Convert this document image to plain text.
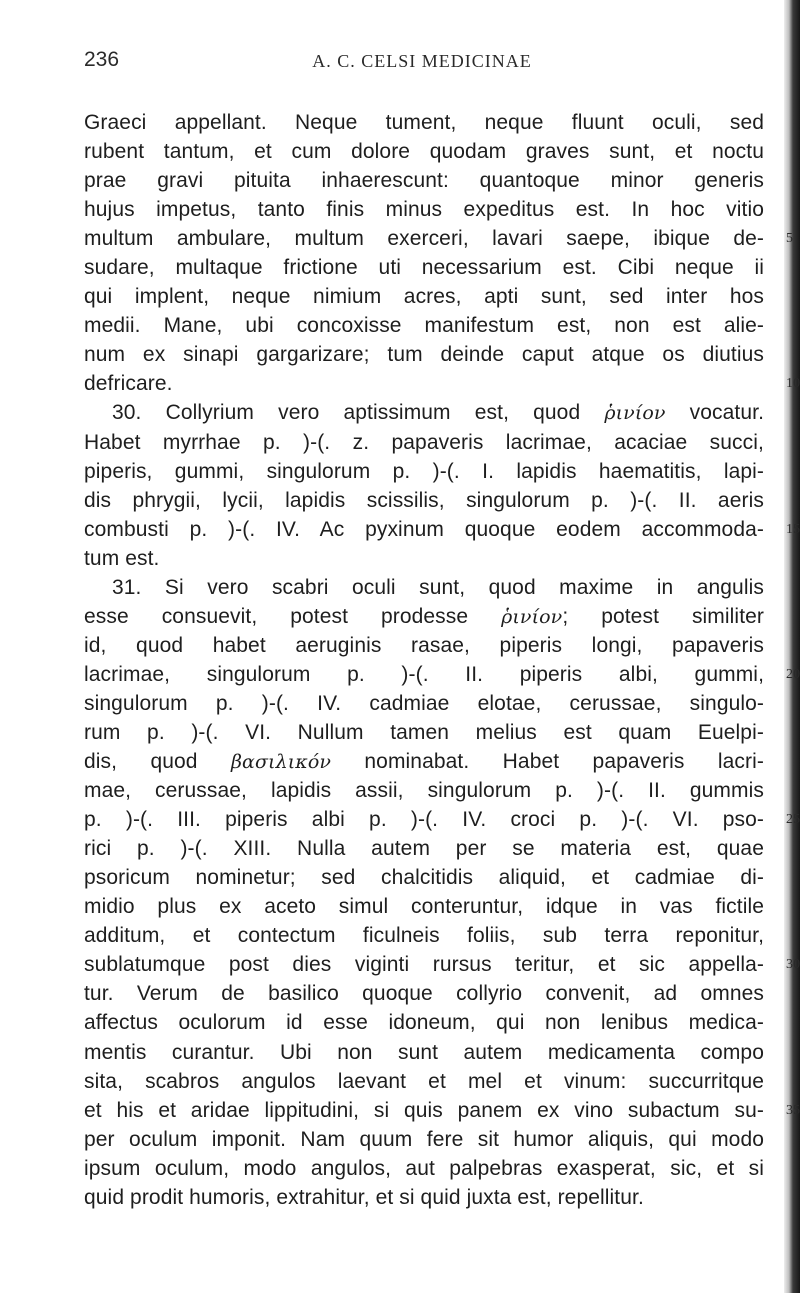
236	A. C. CELSI MEDICINAE
Graeci appellant. Neque tument, neque fluunt oculi, sed
rubent tantum, et cum dolore quodam graves sunt, et noctu
prae gravi pituita inhaerescunt: quantoque minor generis
hujus impetus, tanto finis minus expeditus est. In hoc vitio
multum ambulare, multum exerceri, lavari saepe, ibique de- 5
sudare, multaque frictione uti necessarium est. Cibi neque ii
qui implent, neque nimium acres, apti sunt, sed inter hos
medii. Mane, ubi concoxisse manifestum est, non est alie-
num ex sinapi gargarizare; tum deinde caput atque os diutius
defricare.	10
30. Collyrium vero aptissimum est, quod ῥινίον vocatur.
Habet myrrhae p. )-(. z. papaveris lacrimae, acaciae succi,
piperis, gummi, singulorum p. )-(. I. lapidis haematitis, lapi-
dis phrygii, lycii, lapidis scissilis, singulorum p. )-(. II. aeris
combusti p. )-(. IV. Ac pyxinum quoque eodem accommoda- 15
tum est.
31. Si vero scabri oculi sunt, quod maxime in angulis
esse consuevit, potest prodesse ῥινίον; potest similiter
id, quod habet aeruginis rasae, piperis longi, papaveris
lacrimae, singulorum p. )-(. II. piperis albi, gummi, 20
singulorum p. )-(. IV. cadmiae elotae, cerussae, singulo-
rum p. )-(. VI. Nullum tamen melius est quam Euelpi-
dis, quod βασιλικόν nominabat. Habet papaveris lacri-
mae, cerussae, lapidis assii, singulorum p. )-(. II. gummis
p. )-(. III. piperis albi p. )-(. IV. croci p. )-(. VI. pso- 25
rici p. )-(. XIII. Nulla autem per se materia est, quae
psoricum nominetur; sed chalcitidis aliquid, et cadmiae di-
midio plus ex aceto simul conteruntur, idque in vas fictile
additum, et contectum ficulneis foliis, sub terra reponitur,
sublatumque post dies viginti rursus teritur, et sic appella- 30
tur. Verum de basilico quoque collyrio convenit, ad omnes
affectus oculorum id esse idoneum, qui non lenibus medica-
mentis curantur. Ubi non sunt autem medicamenta compo
sita, scabros angulos laevant et mel et vinum: succurritque
et his et aridae lippitudini, si quis panem ex vino subactum su- 35
per oculum imponit. Nam quum fere sit humor aliquis, qui modo
ipsum oculum, modo angulos, aut palpebras exasperat, sic, et si
quid prodit humoris, extrahitur, et si quid juxta est, repellitur.
